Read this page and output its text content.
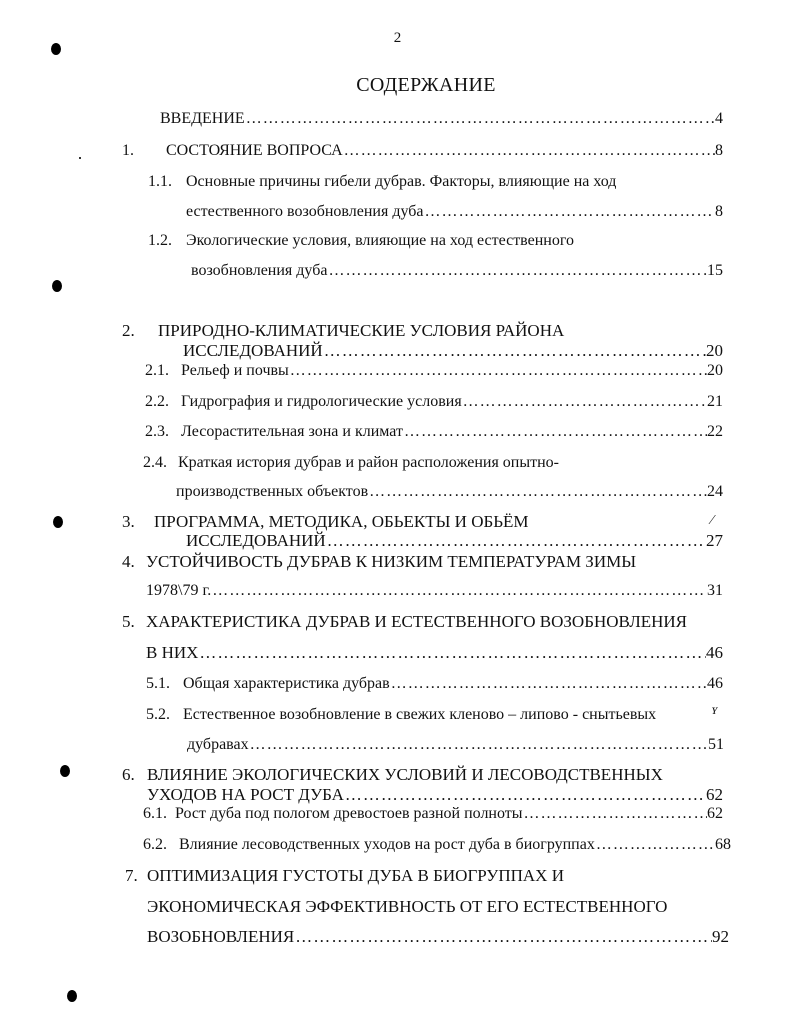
2
СОДЕРЖАНИЕ
ВВЕДЕНИЕ ………………………………………………………………………………………………………………………………………………………………	4
1.	СОСТОЯНИЕ ВОПРОСА ………………………………………………………………………………………………………………………………………………………………	8
1.1. Основные причины гибели дубрав. Факторы, влияющие на ход
естественного возобновления дуба ………………………………………………………………………………………………………………………………………………………………	8
1.2. Экологические условия, влияющие на ход естественного
возобновления дуба ………………………………………………………………………………………………………………………………………………………………	15
2.	ПРИРОДНО-КЛИМАТИЧЕСКИЕ УСЛОВИЯ РАЙОНА
ИССЛЕДОВАНИЙ ………………………………………………………………………………………………………………………………………………………………	20
2.1. Рельеф и почвы ………………………………………………………………………………………………………………………………………………………………	20
2.2. Гидрография и гидрологические условия ………………………………………………………………………………………………………………………………………………………………	21
2.3. Лесорастительная зона и климат ………………………………………………………………………………………………………………………………………………………………	22
2.4. Краткая история дубрав и район расположения опытно-
производственных объектов ………………………………………………………………………………………………………………………………………………………………	24
3.	ПРОГРАММА, МЕТОДИКА, ОБЬЕКТЫ И ОБЬЁМ
ИССЛЕДОВАНИЙ ………………………………………………………………………………………………………………………………………………………………	27
4. УСТОЙЧИВОСТЬ ДУБРАВ К НИЗКИМ ТЕМПЕРАТУРАМ ЗИМЫ
1978\79 г. ………………………………………………………………………………………………………………………………………………………………	31
5. ХАРАКТЕРИСТИКА ДУБРАВ И ЕСТЕСТВЕННОГО ВОЗОБНОВЛЕНИЯ
В НИХ ………………………………………………………………………………………………………………………………………………………………	46
5.1. Общая характеристика дубрав ………………………………………………………………………………………………………………………………………………………………	46
5.2. Естественное возобновление в свежих кленово – липово - снытьевых
дубравах ………………………………………………………………………………………………………………………………………………………………	51
6. ВЛИЯНИЕ ЭКОЛОГИЧЕСКИХ УСЛОВИЙ И ЛЕСОВОДСТВЕННЫХ
УХОДОВ НА РОСТ ДУБА ………………………………………………………………………………………………………………………………………………………………	62
6.1. Рост дуба под пологом древостоев разной полноты ………………………………………………………………………………………………………………………………………………………………	62
6.2. Влияние лесоводственных уходов на рост дуба в биогруппах ………………………………………………………………………………………………………………………………………………………………	68
7. ОПТИМИЗАЦИЯ ГУСТОТЫ ДУБА В БИОГРУППАХ И
ЭКОНОМИЧЕСКАЯ ЭФФЕКТИВНОСТЬ ОТ ЕГО ЕСТЕСТВЕННОГО
ВОЗОБНОВЛЕНИЯ ………………………………………………………………………………………………………………………………………………………………	92
⁄
ʏ
